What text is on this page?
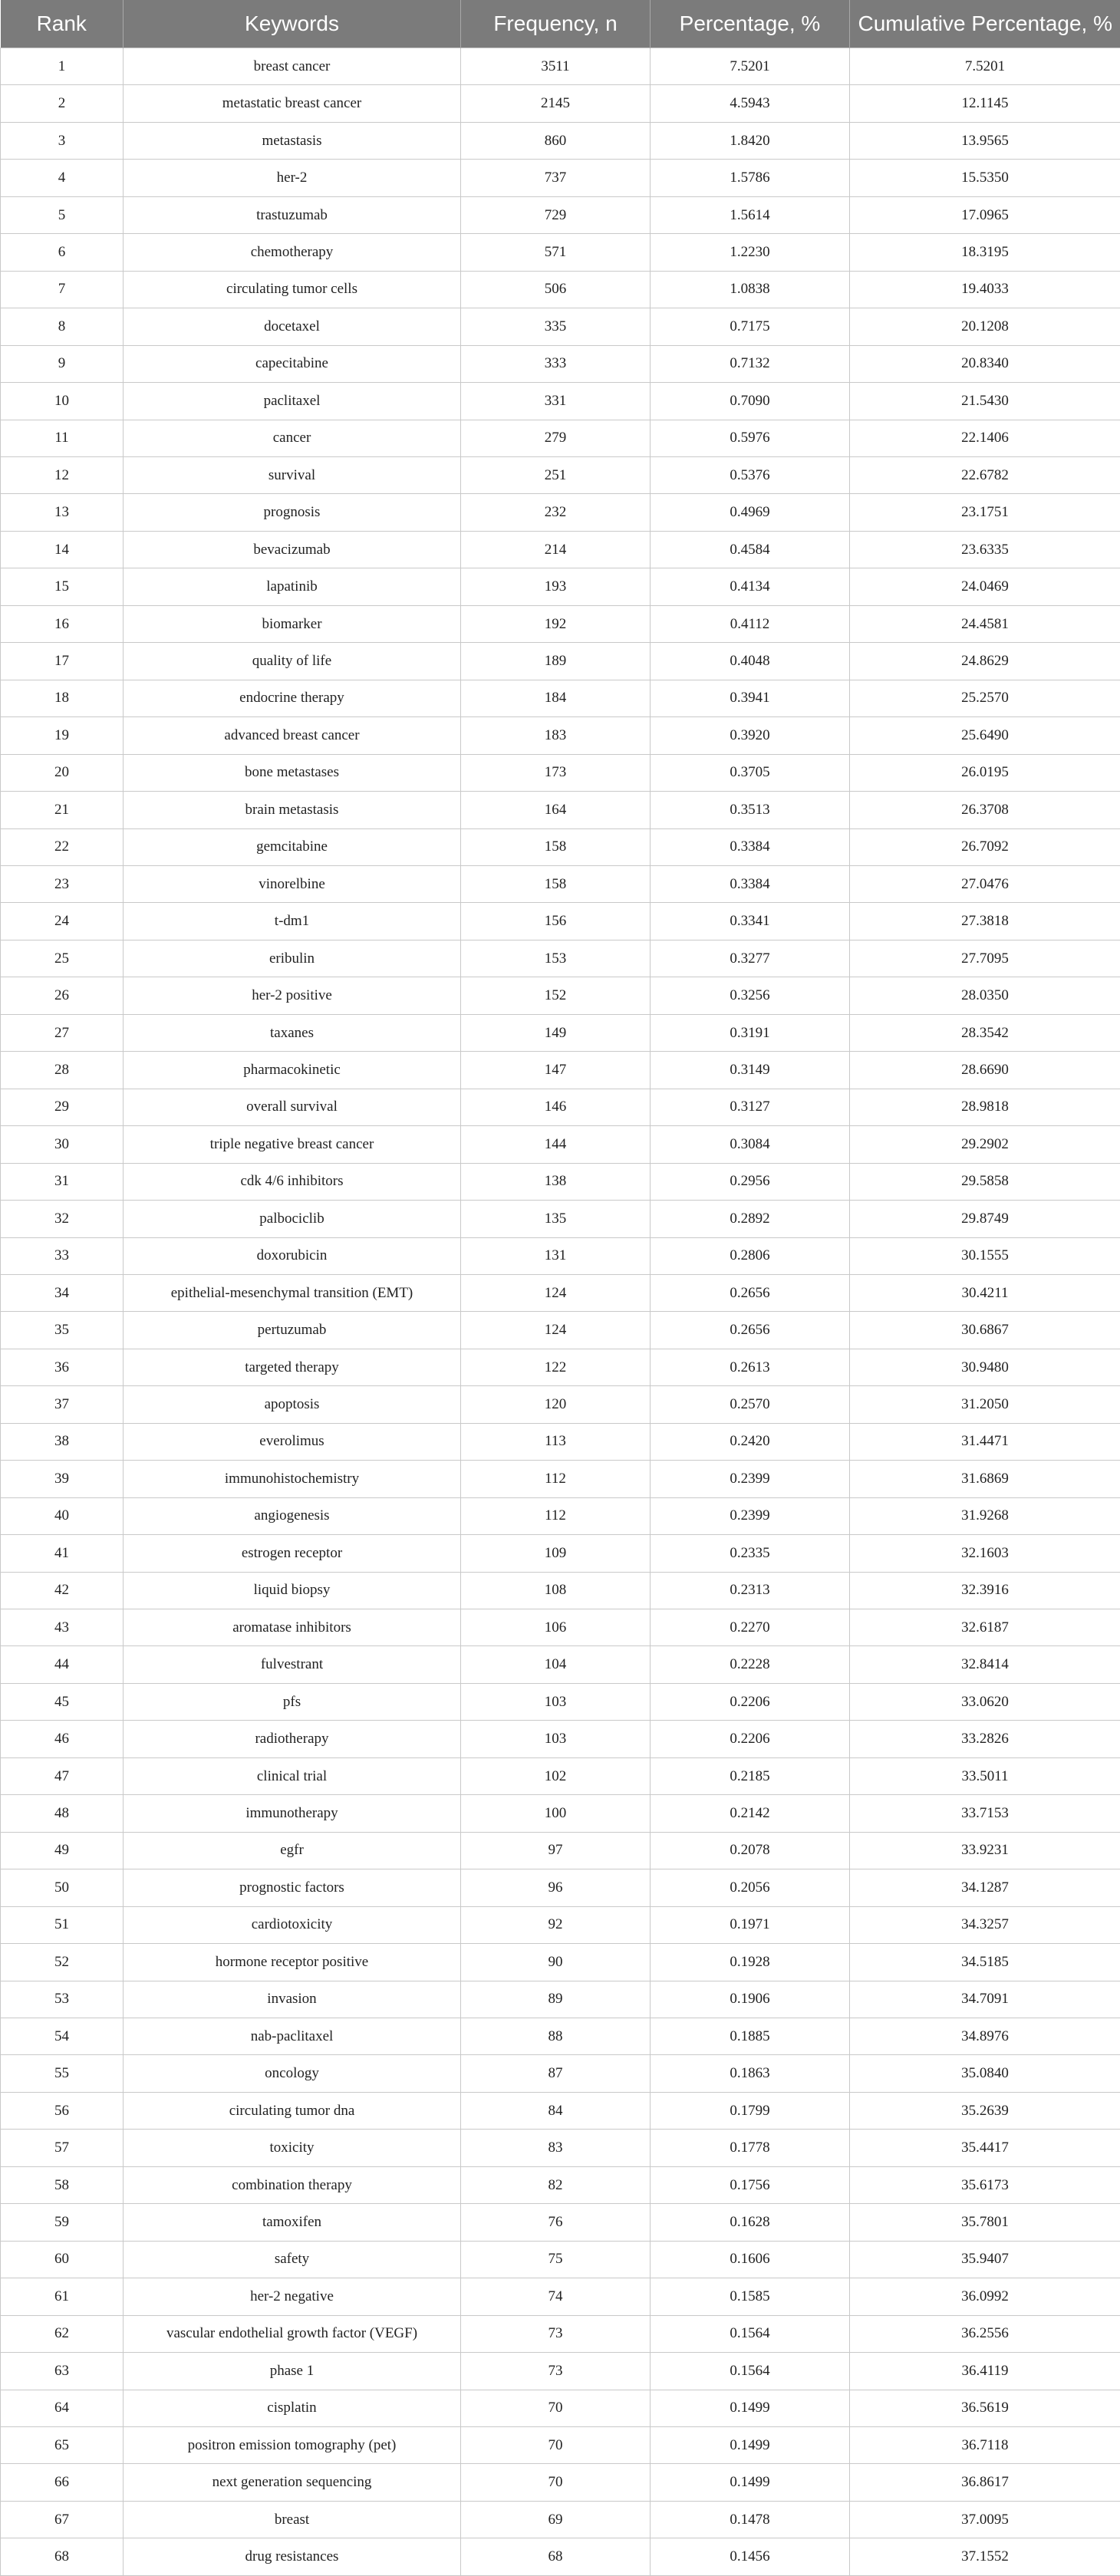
Rank	Keywords	Frequency, n	Percentage, %	Cumulative Percentage, %
1	breast cancer	3511	7.5201	7.5201
2	metastatic breast cancer	2145	4.5943	12.1145
3	metastasis	860	1.8420	13.9565
4	her-2	737	1.5786	15.5350
5	trastuzumab	729	1.5614	17.0965
6	chemotherapy	571	1.2230	18.3195
7	circulating tumor cells	506	1.0838	19.4033
8	docetaxel	335	0.7175	20.1208
9	capecitabine	333	0.7132	20.8340
10	paclitaxel	331	0.7090	21.5430
11	cancer	279	0.5976	22.1406
12	survival	251	0.5376	22.6782
13	prognosis	232	0.4969	23.1751
14	bevacizumab	214	0.4584	23.6335
15	lapatinib	193	0.4134	24.0469
16	biomarker	192	0.4112	24.4581
17	quality of life	189	0.4048	24.8629
18	endocrine therapy	184	0.3941	25.2570
19	advanced breast cancer	183	0.3920	25.6490
20	bone metastases	173	0.3705	26.0195
21	brain metastasis	164	0.3513	26.3708
22	gemcitabine	158	0.3384	26.7092
23	vinorelbine	158	0.3384	27.0476
24	t-dm1	156	0.3341	27.3818
25	eribulin	153	0.3277	27.7095
26	her-2 positive	152	0.3256	28.0350
27	taxanes	149	0.3191	28.3542
28	pharmacokinetic	147	0.3149	28.6690
29	overall survival	146	0.3127	28.9818
30	triple negative breast cancer	144	0.3084	29.2902
31	cdk 4/6 inhibitors	138	0.2956	29.5858
32	palbociclib	135	0.2892	29.8749
33	doxorubicin	131	0.2806	30.1555
34	epithelial-mesenchymal transition (EMT)	124	0.2656	30.4211
35	pertuzumab	124	0.2656	30.6867
36	targeted therapy	122	0.2613	30.9480
37	apoptosis	120	0.2570	31.2050
38	everolimus	113	0.2420	31.4471
39	immunohistochemistry	112	0.2399	31.6869
40	angiogenesis	112	0.2399	31.9268
41	estrogen receptor	109	0.2335	32.1603
42	liquid biopsy	108	0.2313	32.3916
43	aromatase inhibitors	106	0.2270	32.6187
44	fulvestrant	104	0.2228	32.8414
45	pfs	103	0.2206	33.0620
46	radiotherapy	103	0.2206	33.2826
47	clinical trial	102	0.2185	33.5011
48	immunotherapy	100	0.2142	33.7153
49	egfr	97	0.2078	33.9231
50	prognostic factors	96	0.2056	34.1287
51	cardiotoxicity	92	0.1971	34.3257
52	hormone receptor positive	90	0.1928	34.5185
53	invasion	89	0.1906	34.7091
54	nab-paclitaxel	88	0.1885	34.8976
55	oncology	87	0.1863	35.0840
56	circulating tumor dna	84	0.1799	35.2639
57	toxicity	83	0.1778	35.4417
58	combination therapy	82	0.1756	35.6173
59	tamoxifen	76	0.1628	35.7801
60	safety	75	0.1606	35.9407
61	her-2 negative	74	0.1585	36.0992
62	vascular endothelial growth factor (VEGF)	73	0.1564	36.2556
63	phase 1	73	0.1564	36.4119
64	cisplatin	70	0.1499	36.5619
65	positron emission tomography (pet)	70	0.1499	36.7118
66	next generation sequencing	70	0.1499	36.8617
67	breast	69	0.1478	37.0095
68	drug resistances	68	0.1456	37.1552
